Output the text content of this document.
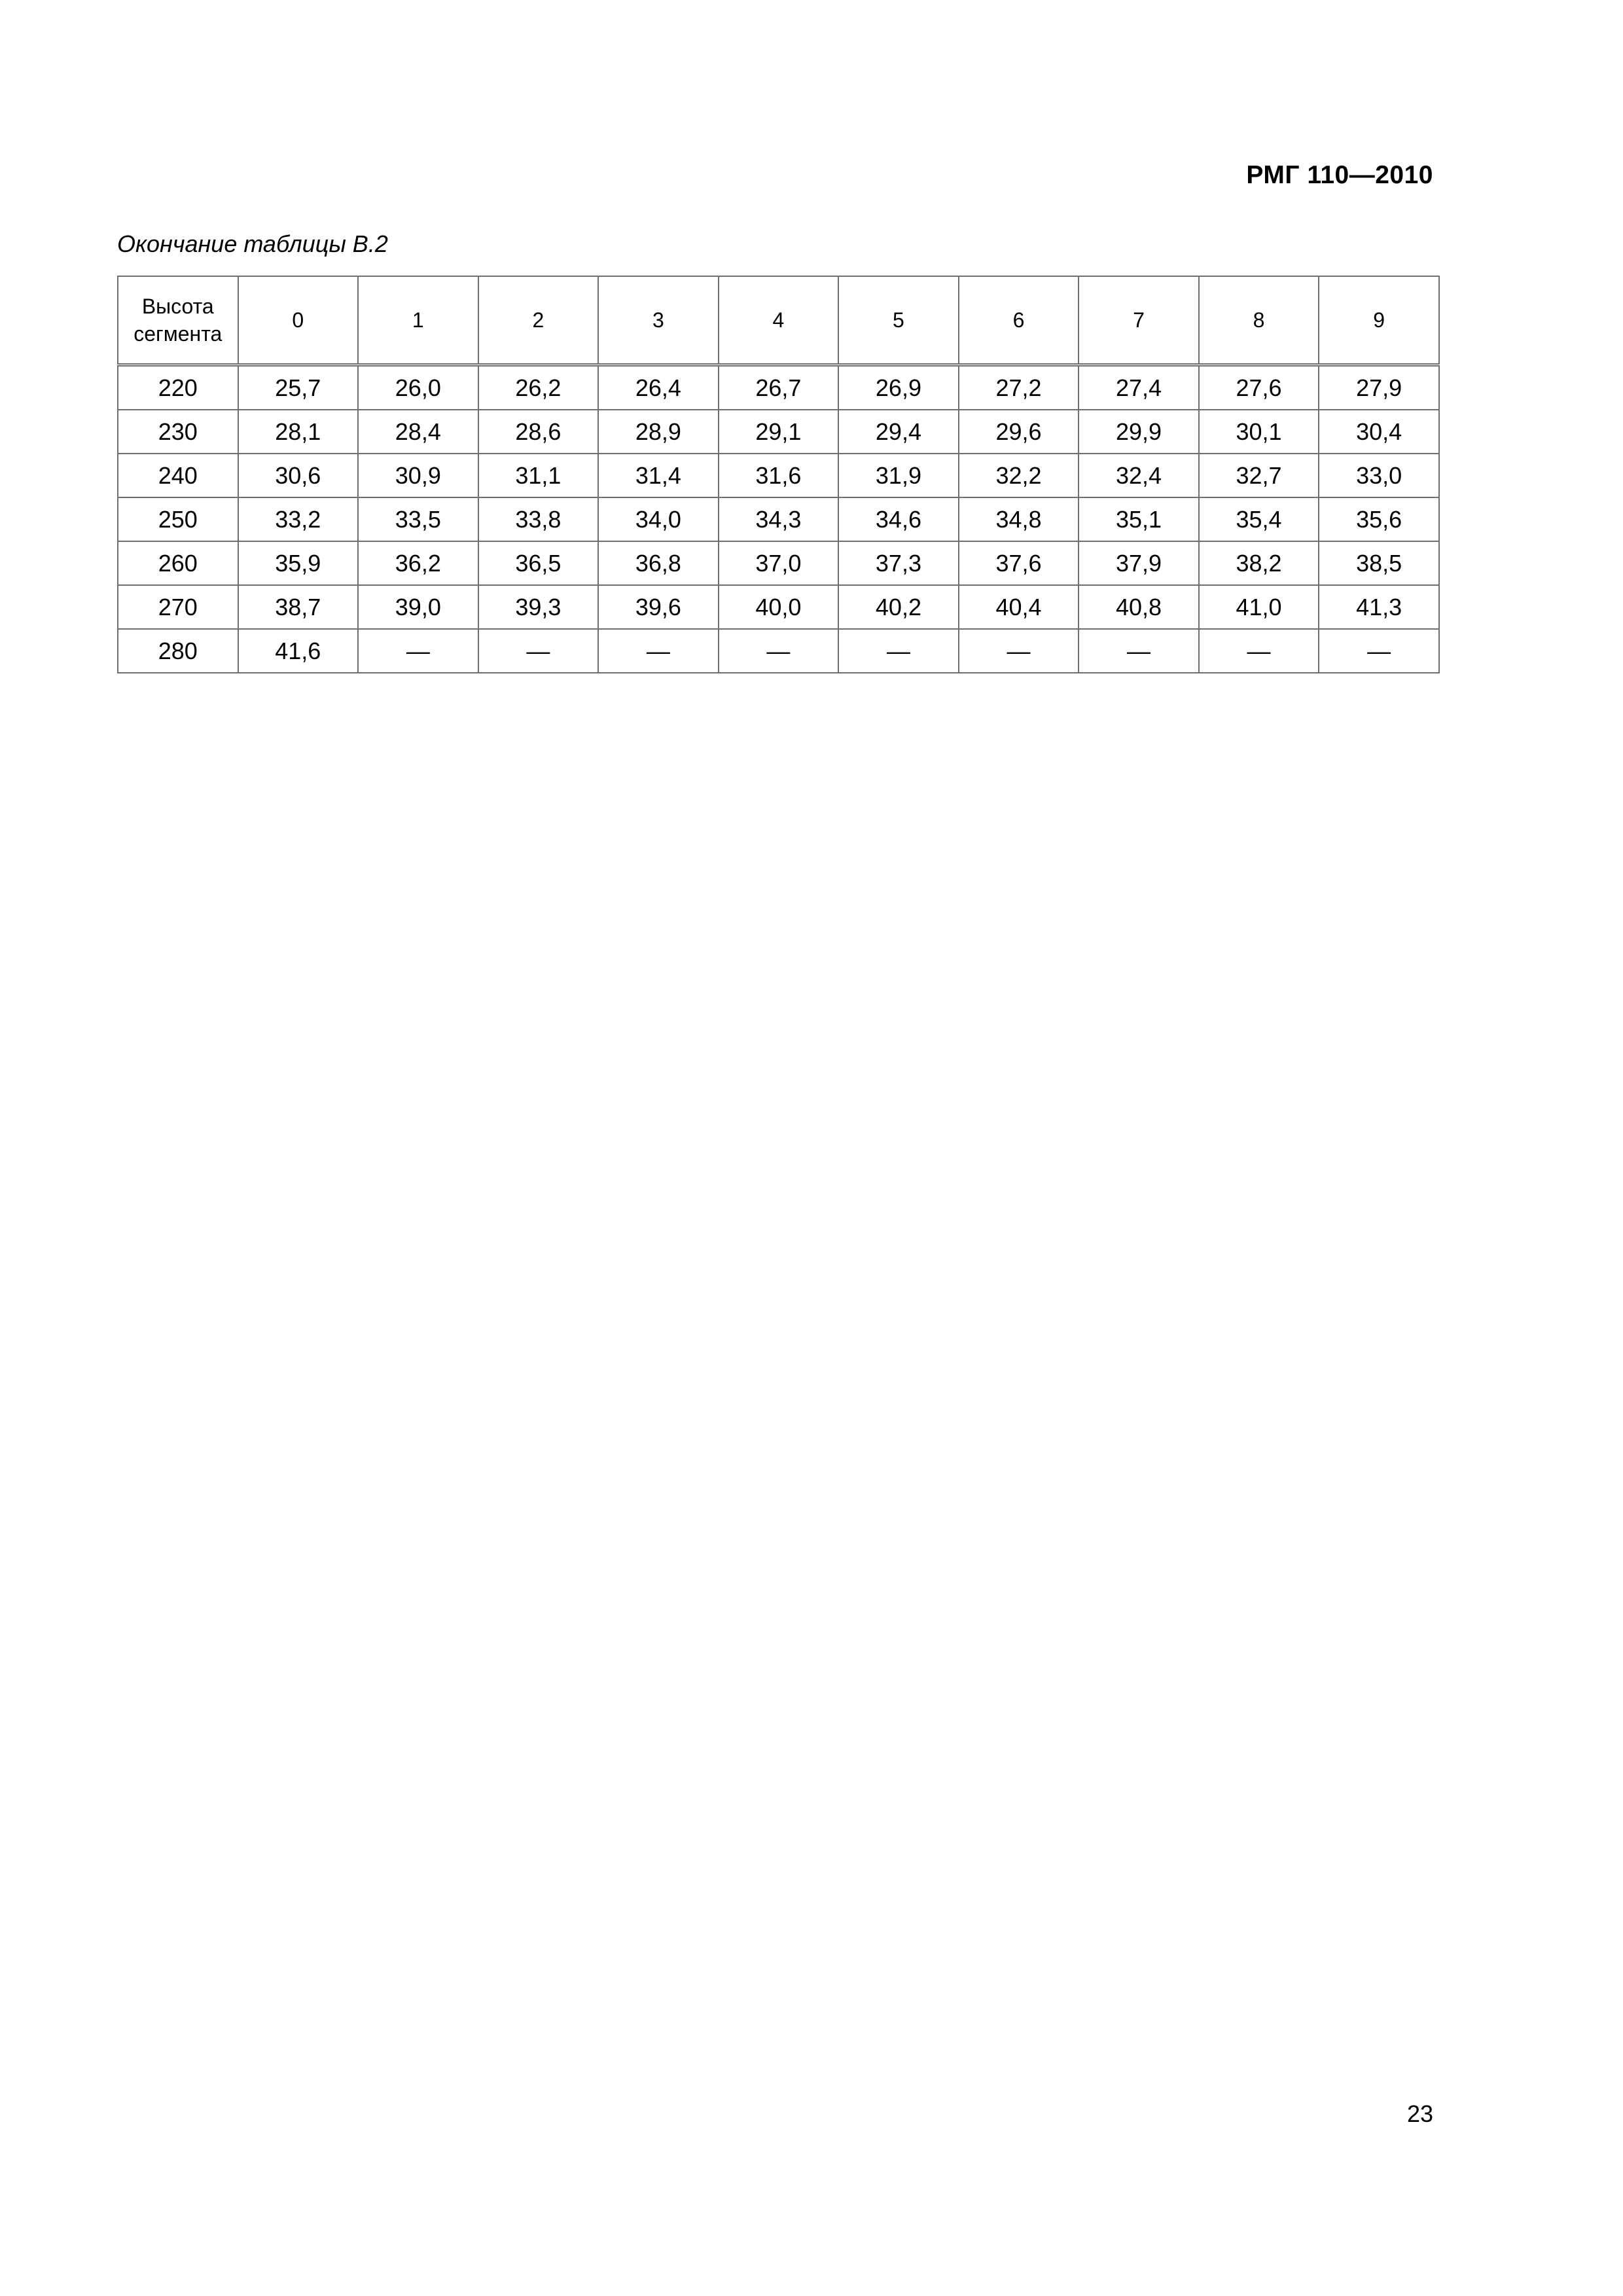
РМГ 110—2010
Окончание таблицы В.2
Высота
сегмента	0	1	2	3	4	5	6	7	8	9
220	25,7	26,0	26,2	26,4	26,7	26,9	27,2	27,4	27,6	27,9
230	28,1	28,4	28,6	28,9	29,1	29,4	29,6	29,9	30,1	30,4
240	30,6	30,9	31,1	31,4	31,6	31,9	32,2	32,4	32,7	33,0
250	33,2	33,5	33,8	34,0	34,3	34,6	34,8	35,1	35,4	35,6
260	35,9	36,2	36,5	36,8	37,0	37,3	37,6	37,9	38,2	38,5
270	38,7	39,0	39,3	39,6	40,0	40,2	40,4	40,8	41,0	41,3
280	41,6	—	—	—	—	—	—	—	—	—
23
